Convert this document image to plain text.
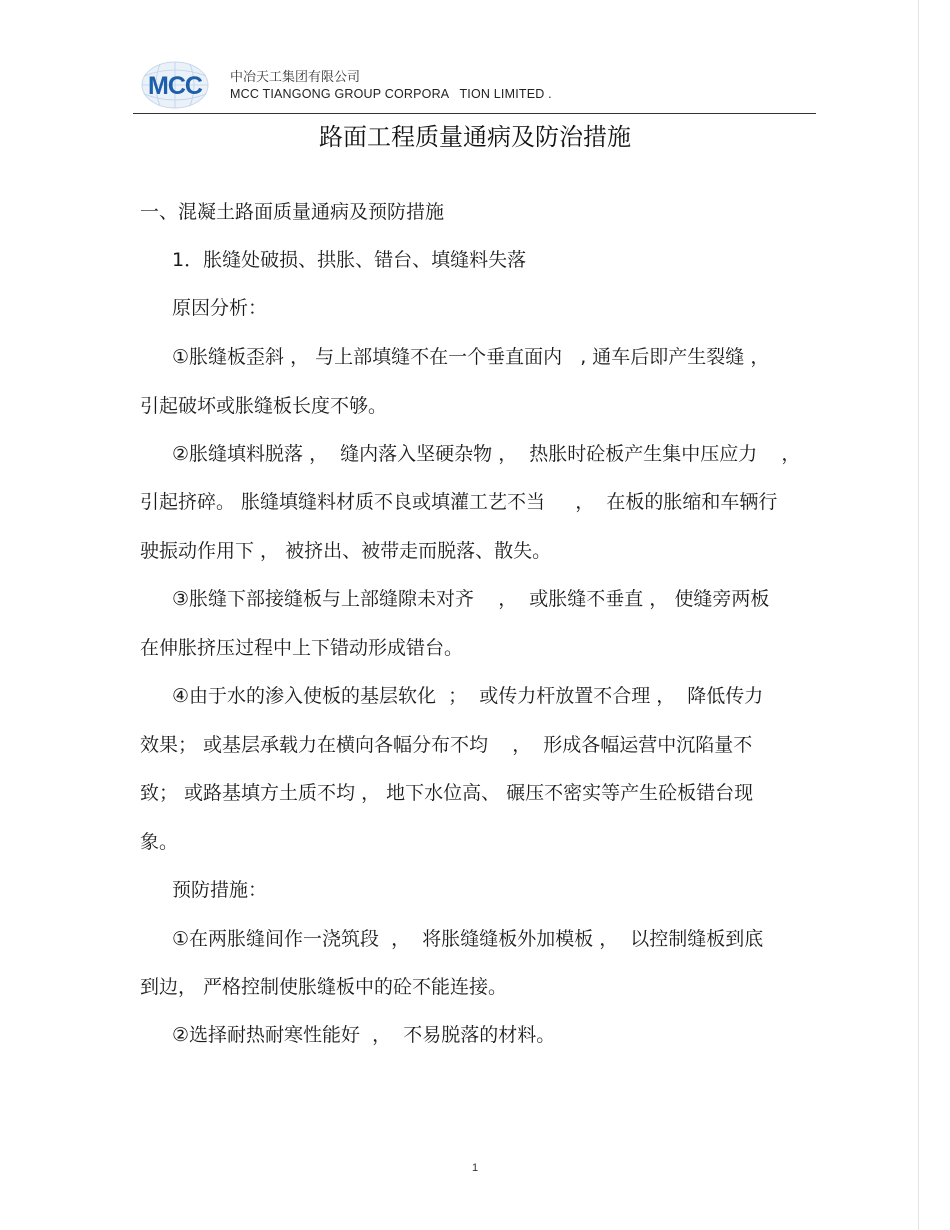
MCC 中冶天工集团有限公司
MCC TIANGONG GROUP CORPORA   TION LIMITED .
路面工程质量通病及防治措施
一、混凝土路面质量通病及预防措施
1．胀缝处破损、拱胀、错台、填缝料失落
原因分析：
①胀缝板歪斜 ， 与上部填缝不在一个垂直面内   , 通车后即产生裂缝 ，
引起破坏或胀缝板长度不够。
②胀缝填料脱落 ，  缝内落入坚硬杂物 ，  热胀时砼板产生集中压应力    ，
引起挤碎。 胀缝填缝料材质不良或填灌工艺不当     ，  在板的胀缩和车辆行
驶振动作用下 ， 被挤出、被带走而脱落、散失。
③胀缝下部接缝板与上部缝隙未对齐    ，  或胀缝不垂直 ， 使缝旁两板
在伸胀挤压过程中上下错动形成错台。
④由于水的渗入使板的基层软化  ；  或传力杆放置不合理 ，  降低传力
效果； 或基层承载力在横向各幅分布不均    ，  形成各幅运营中沉陷量不
致； 或路基填方土质不均 ， 地下水位高、 碾压不密实等产生砼板错台现
象。
预防措施：
①在两胀缝间作一浇筑段  ，  将胀缝缝板外加模板 ，  以控制缝板到底
到边， 严格控制使胀缝板中的砼不能连接。
②选择耐热耐寒性能好  ，  不易脱落的材料。
1
